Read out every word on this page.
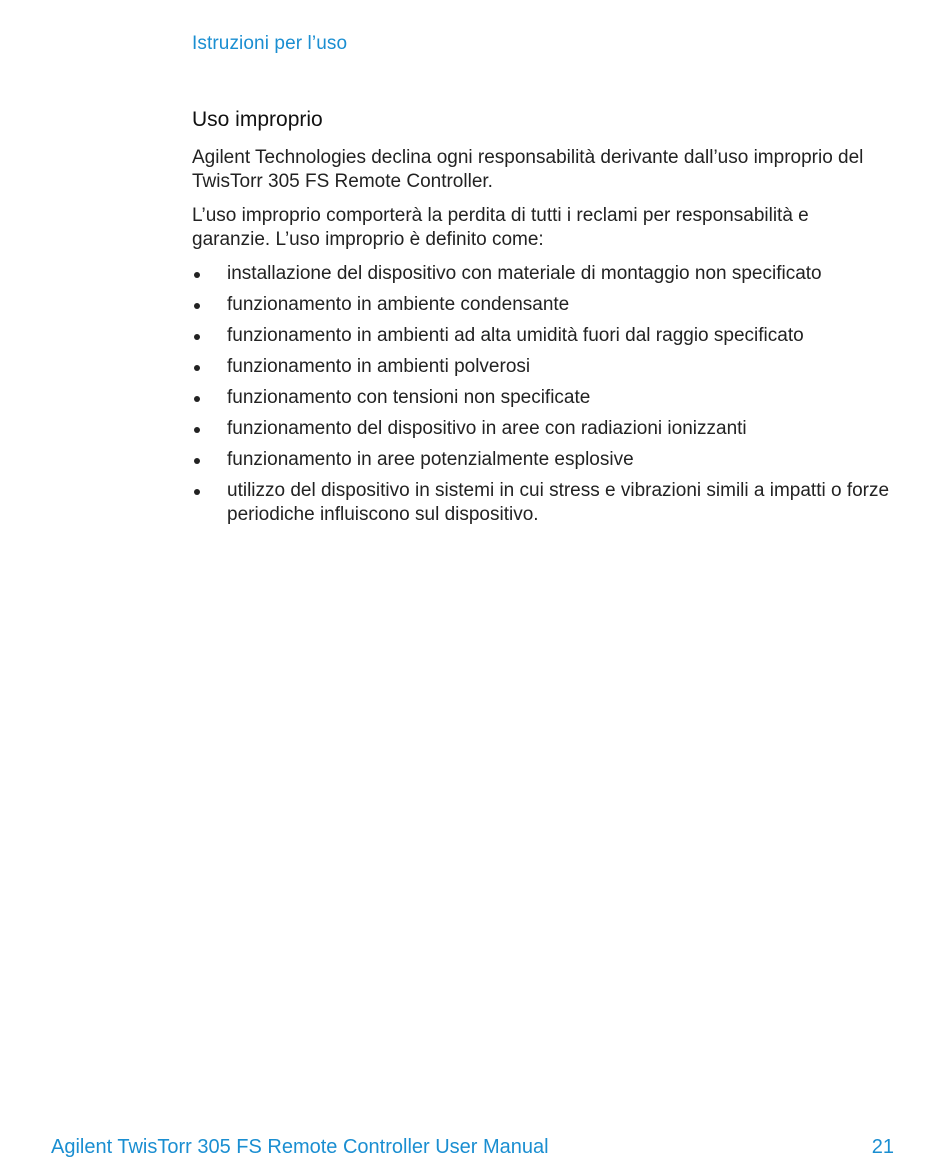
Istruzioni per l’uso
Uso improprio

Agilent Technologies declina ogni responsabilità derivante dall’uso improprio del TwisTorr 305 FS Remote Controller.

L’uso improprio comporterà la perdita di tutti i reclami per responsabilità e garanzie. L’uso improprio è definito come:

installazione del dispositivo con materiale di montaggio non specificato
funzionamento in ambiente condensante
funzionamento in ambienti ad alta umidità fuori dal raggio specificato
funzionamento in ambienti polverosi
funzionamento con tensioni non specificate
funzionamento del dispositivo in aree con radiazioni ionizzanti
funzionamento in aree potenzialmente esplosive
utilizzo del dispositivo in sistemi in cui stress e vibrazioni simili a impatti o forze periodiche influiscono sul dispositivo.
Agilent TwisTorr 305 FS Remote Controller User Manual	21
